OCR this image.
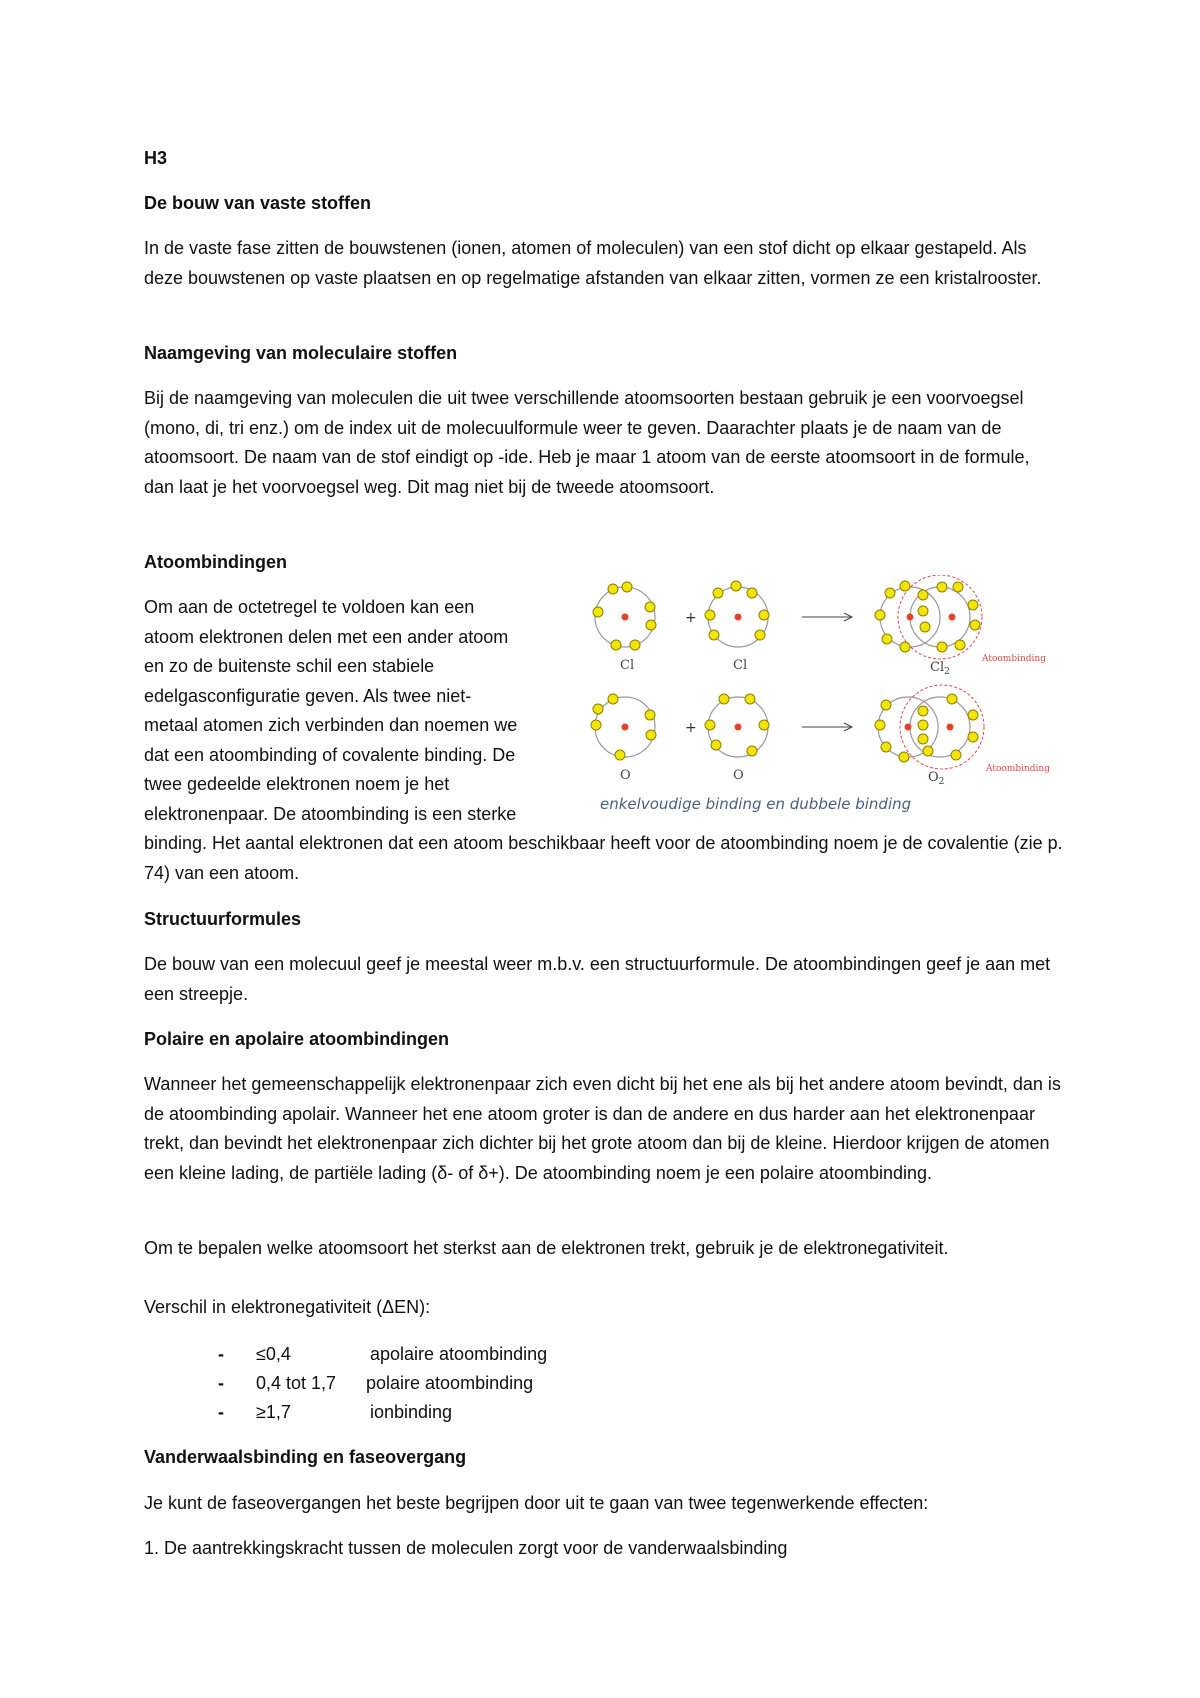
H3

De bouw van vaste stoffen

In de vaste fase zitten de bouwstenen (ionen, atomen of moleculen) van een stof dicht op elkaar gestapeld. Als deze bouwstenen op vaste plaatsen en op regelmatige afstanden van elkaar zitten, vormen ze een kristalrooster.

Naamgeving van moleculaire stoffen

Bij de naamgeving van moleculen die uit twee verschillende atoomsoorten bestaan gebruik je een voorvoegsel (mono, di, tri enz.) om de index uit de molecuulformule weer te geven. Daarachter plaats je de naam van de atoomsoort. De naam van de stof eindigt op -ide. Heb je maar 1 atoom van de eerste atoomsoort in de formule, dan laat je het voorvoegsel weg. Dit mag niet bij de tweede atoomsoort.

Atoombindingen

Om aan de octetregel te voldoen kan een
atoom elektronen delen met een ander atoom
en zo de buitenste schil een stabiele
edelgasconfiguratie geven. Als twee niet-
metaal atomen zich verbinden dan noemen we
dat een atoombinding of covalente binding. De
twee gedeelde elektronen noem je het
elektronenpaar. De atoombinding is een sterke

binding. Het aantal elektronen dat een atoom beschikbaar heeft voor de atoombinding noem je de covalentie (zie p. 74) van een atoom.

Cl
+
Cl	$Cl_2$
Atoombinding
O
+
O	$O_2$
Atoombinding
enkelvoudige binding en dubbele binding

Structuurformules

De bouw van een molecuul geef je meestal weer m.b.v. een structuurformule. De atoombindingen geef je aan met een streepje.

Polaire en apolaire atoombindingen

Wanneer het gemeenschappelijk elektronenpaar zich even dicht bij het ene als bij het andere atoom bevindt, dan is de atoombinding apolair. Wanneer het ene atoom groter is dan de andere en dus harder aan het elektronenpaar trekt, dan bevindt het elektronenpaar zich dichter bij het grote atoom dan bij de kleine. Hierdoor krijgen de atomen een kleine lading, de partiële lading (δ- of δ+). De atoombinding noem je een polaire atoombinding.

Om te bepalen welke atoomsoort het sterkst aan de elektronen trekt, gebruik je de elektronegativiteit.

Verschil in elektronegativiteit (ΔEN):

- ≤0,4	apolaire atoombinding
- 0,4 tot 1,7 polaire atoombinding
- ≥1,7	ionbinding

Vanderwaalsbinding en faseovergang

Je kunt de faseovergangen het beste begrijpen door uit te gaan van twee tegenwerkende effecten:

1. De aantrekkingskracht tussen de moleculen zorgt voor de vanderwaalsbinding
